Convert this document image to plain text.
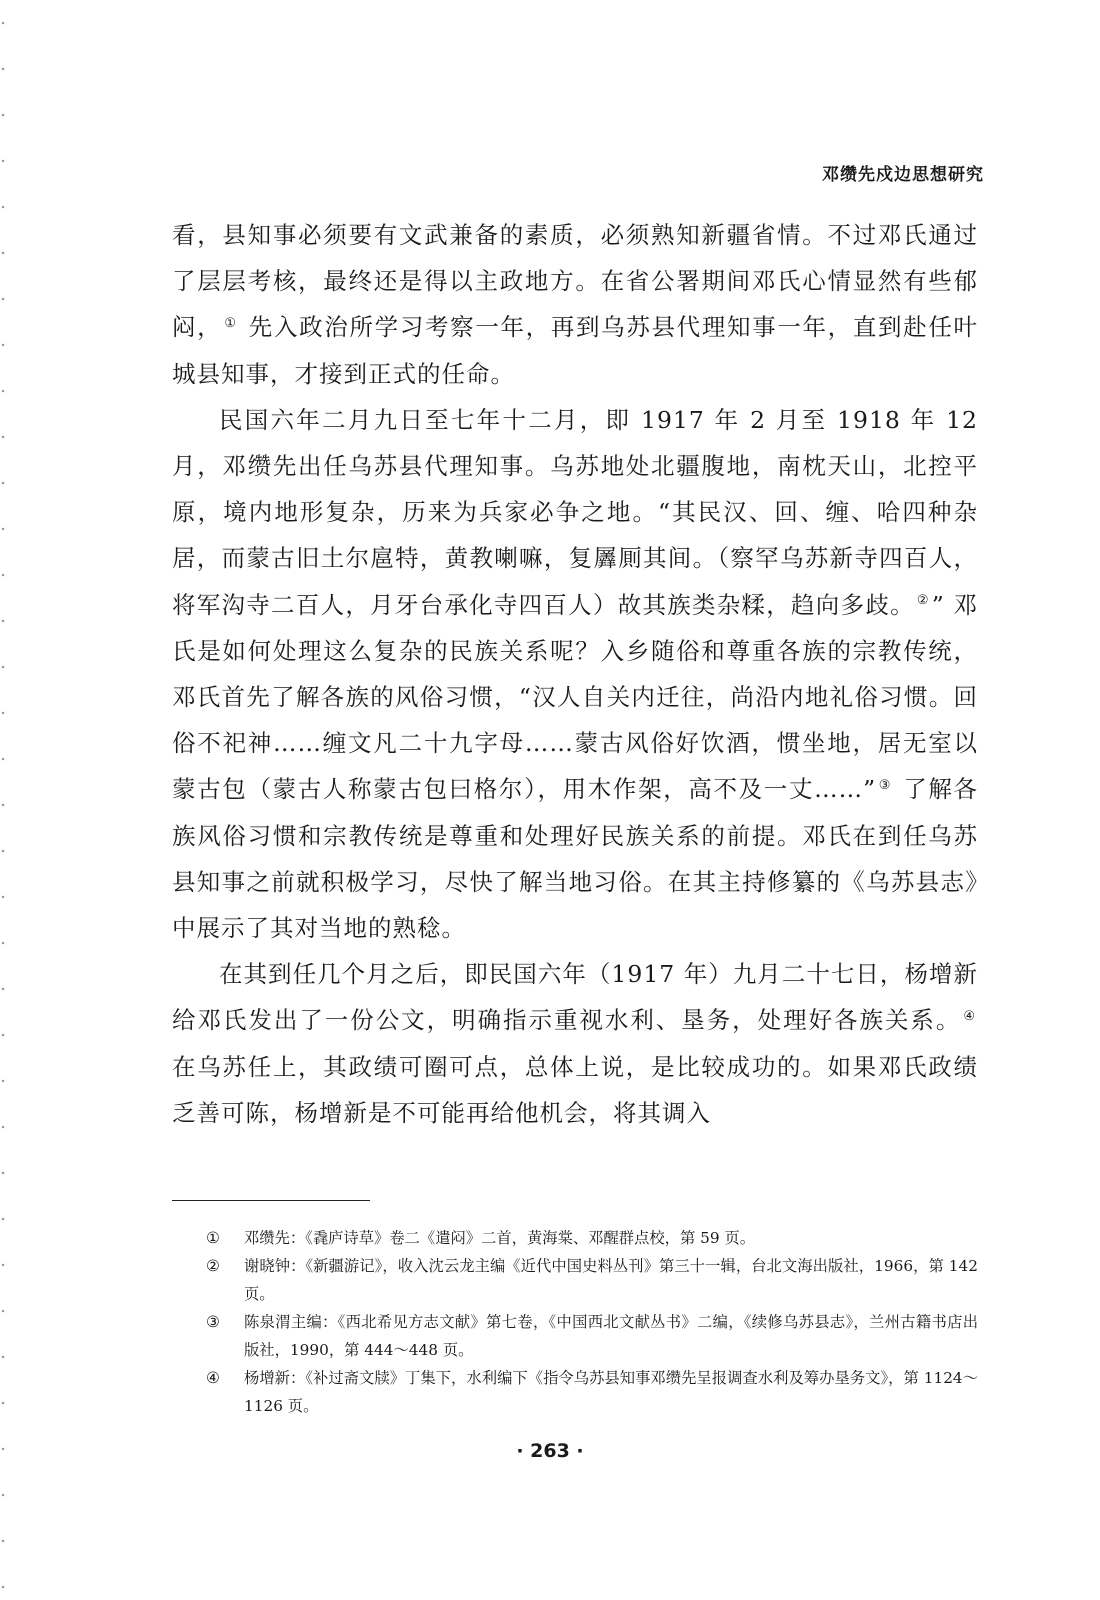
邓缵先戍边思想研究

看，县知事必须要有文武兼备的素质，必须熟知新疆省情。不过邓氏通过了层层考核，最终还是得以主政地方。在省公署期间邓氏心情显然有些郁闷， ① 先入政治所学习考察一年，再到乌苏县代理知事一年，直到赴任叶城县知事，才接到正式的任命。

民国六年二月九日至七年十二月，即 1917 年 2 月至 1918 年 12 月，邓缵先出任乌苏县代理知事。乌苏地处北疆腹地，南枕天山，北控平原，境内地形复杂，历来为兵家必争之地。“其民汉、回、缠、哈四种杂居，而蒙古旧土尔扈特，黄教喇嘛，复羼厠其间。（察罕乌苏新寺四百人，将军沟寺二百人，月牙台承化寺四百人）故其族类杂糅，趋向多歧。 ②” 邓氏是如何处理这么复杂的民族关系呢？入乡随俗和尊重各族的宗教传统，邓氏首先了解各族的风俗习惯，“汉人自关内迁往，尚沿内地礼俗习惯。回俗不祀神……缠文凡二十九字母……蒙古风俗好饮酒，惯坐地，居无室以蒙古包（蒙古人称蒙古包曰格尔），用木作架，高不及一丈……” ③ 了解各族风俗习惯和宗教传统是尊重和处理好民族关系的前提。邓氏在到任乌苏县知事之前就积极学习，尽快了解当地习俗。在其主持修纂的《乌苏县志》中展示了其对当地的熟稔。

在其到任几个月之后，即民国六年（1917 年）九月二十七日，杨增新给邓氏发出了一份公文，明确指示重视水利、垦务，处理好各族关系。 ④ 在乌苏任上，其政绩可圈可点，总体上说，是比较成功的。如果邓氏政绩乏善可陈，杨增新是不可能再给他机会，将其调入

① 邓缵先：《毳庐诗草》卷二《遣闷》二首，黄海棠、邓醒群点校，第 59 页。
② 谢晓钟：《新疆游记》，收入沈云龙主编《近代中国史料丛刊》第三十一辑，台北文海出版社，1966，第 142 页。
③ 陈泉渭主编：《西北希见方志文献》第七卷，《中国西北文献丛书》二编，《续修乌苏县志》，兰州古籍书店出版社，1990，第 444～448 页。
④ 杨增新：《补过斋文牍》丁集下，水利编下《指令乌苏县知事邓缵先呈报调查水利及筹办垦务文》，第 1124～1126 页。
· 263 ·
